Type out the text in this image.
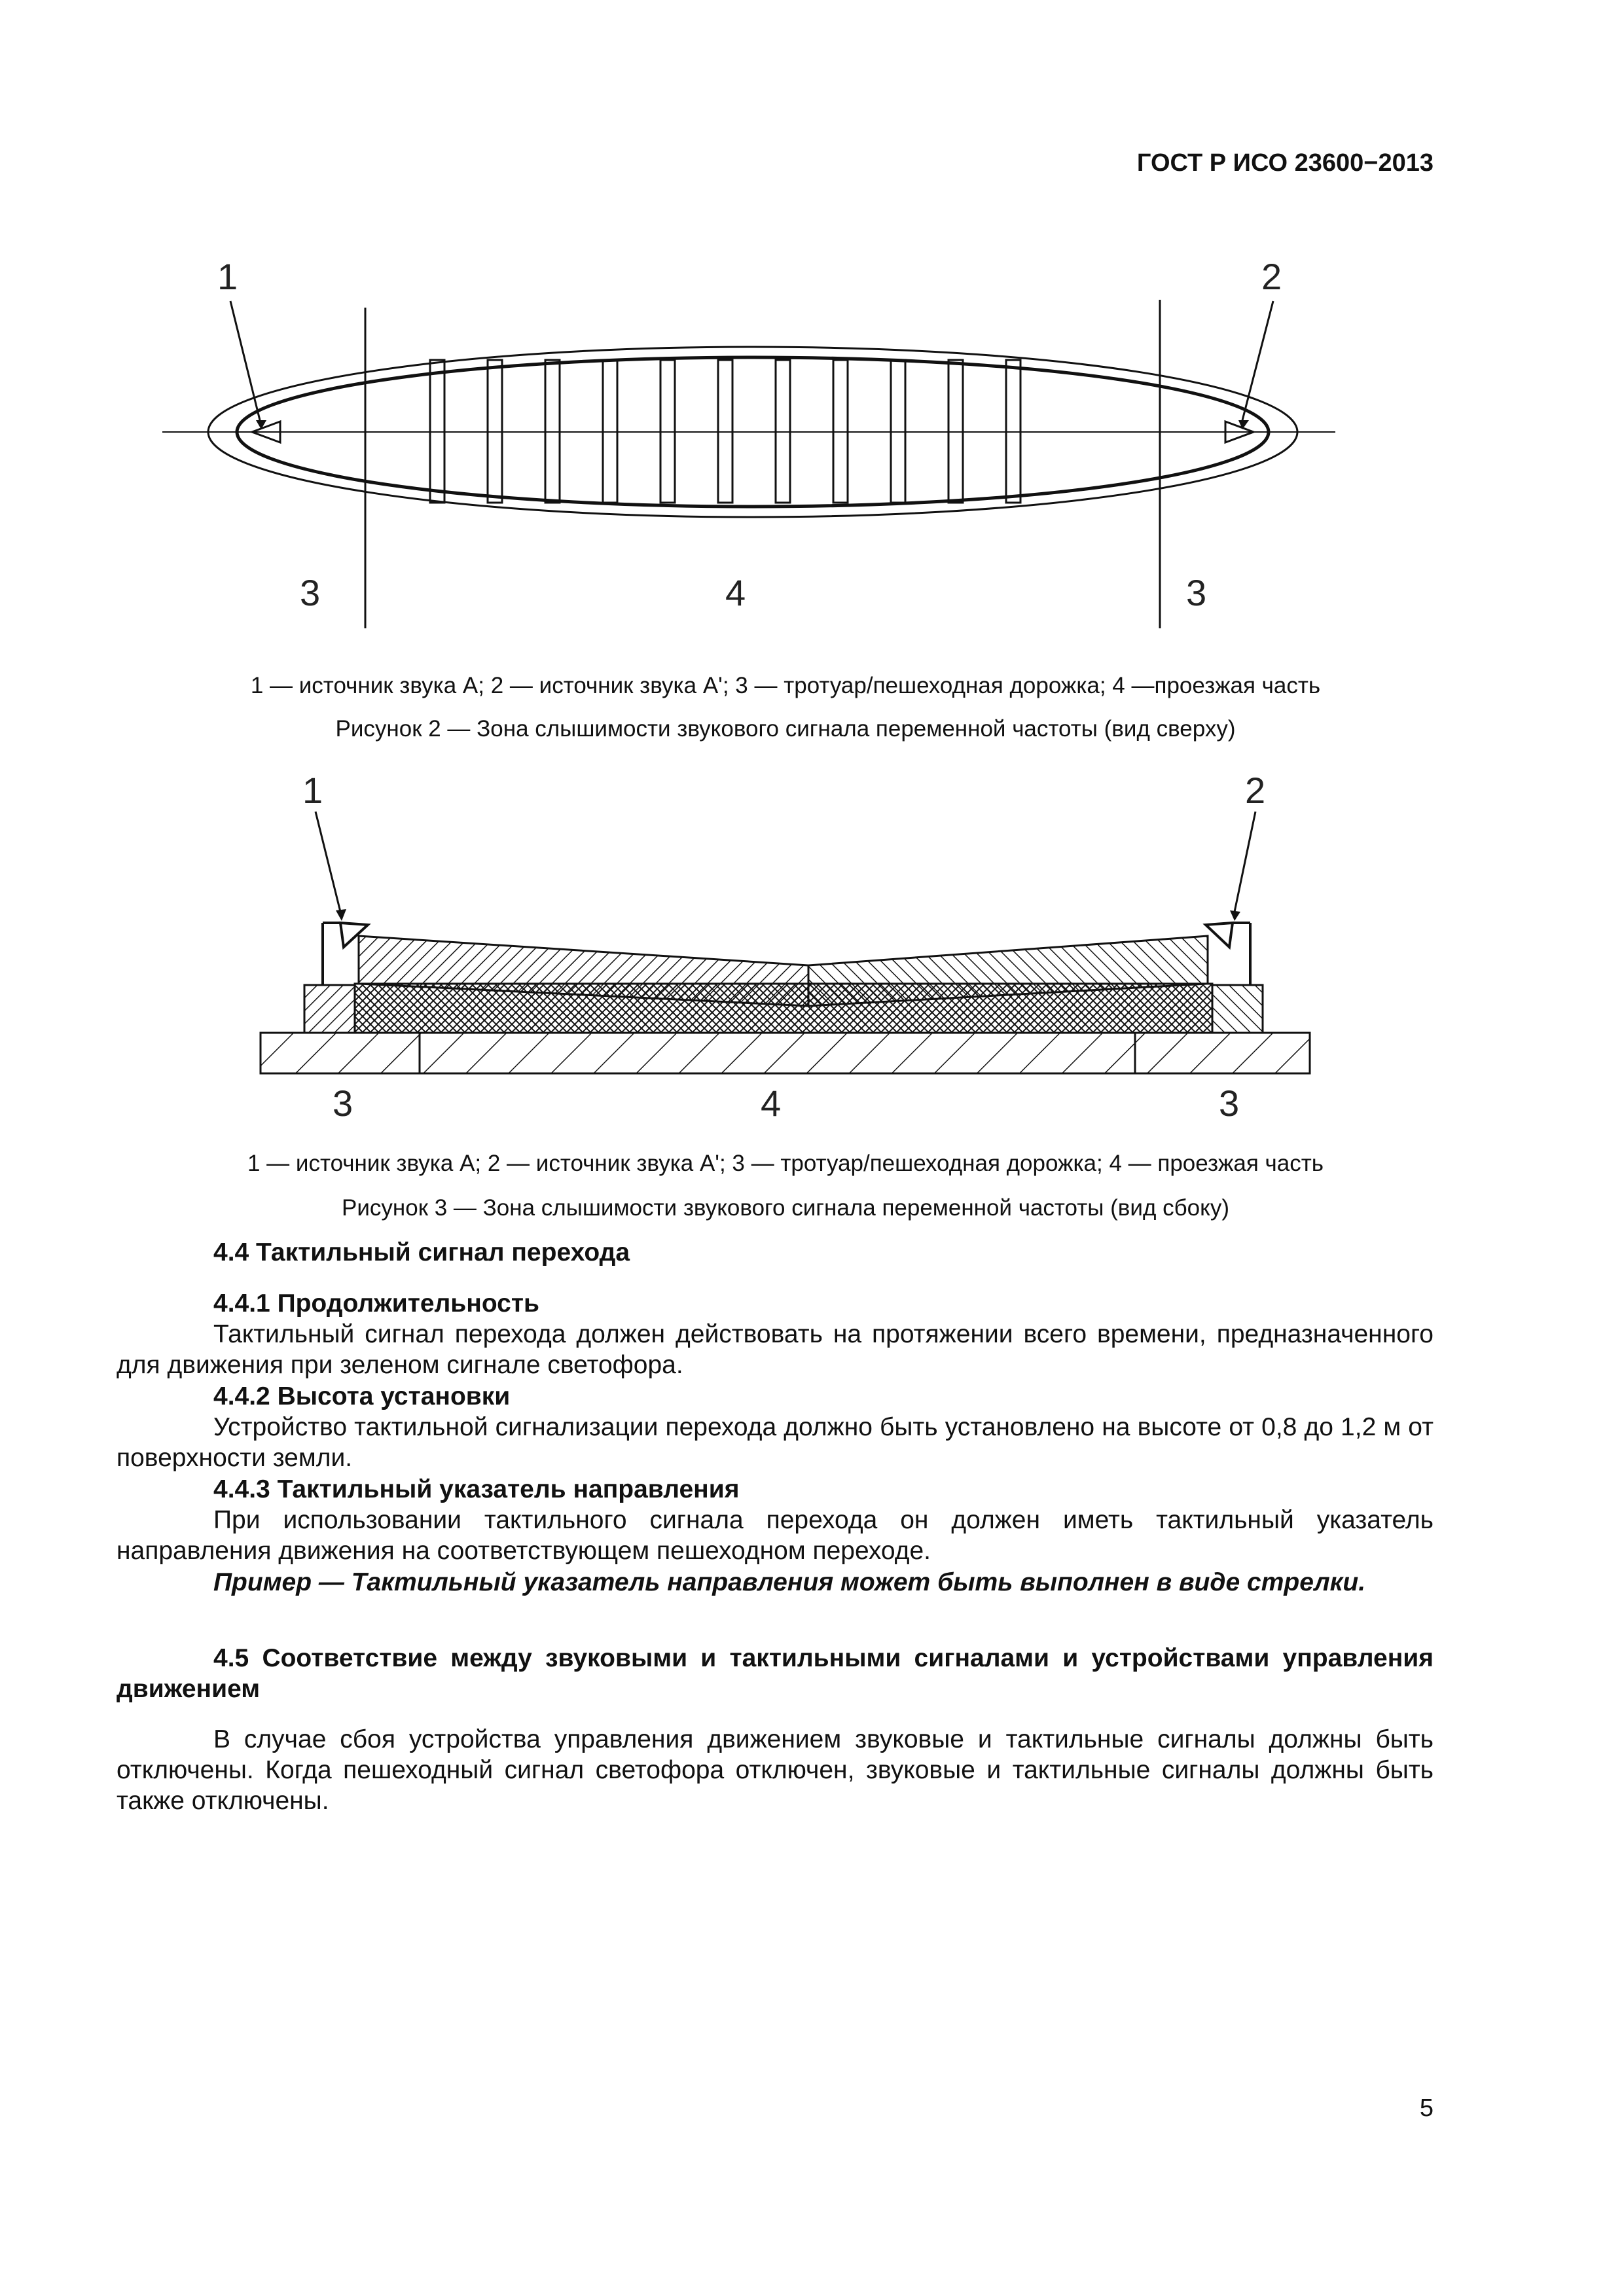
ГОСТ Р ИСО 23600−2013
1	2
3	4	3
1 — источник звука А; 2 — источник звука А'; 3 — тротуар/пешеходная дорожка; 4 —проезжая часть
Рисунок 2 — Зона слышимости звукового сигнала переменной частоты (вид сверху)
1	2
3	4	3
1 — источник звука А; 2 — источник звука А'; 3 — тротуар/пешеходная дорожка; 4 — проезжая часть
Рисунок 3 — Зона слышимости звукового сигнала переменной частоты (вид сбоку)
4.4 Тактильный сигнал перехода
4.4.1 Продолжительность
Тактильный сигнал перехода должен действовать на протяжении всего времени, предназначенного для движения при зеленом сигнале светофора.
4.4.2 Высота установки
Устройство тактильной сигнализации перехода должно быть установлено на высоте от 0,8 до 1,2 м от поверхности земли.
4.4.3 Тактильный указатель направления
При использовании тактильного сигнала перехода он должен иметь тактильный указатель направления движения на соответствующем пешеходном переходе.
Пример — Тактильный указатель направления может быть выполнен в виде стрелки.
4.5 Соответствие между звуковыми и тактильными сигналами и устройствами управления движением
В случае сбоя устройства управления движением звуковые и тактильные сигналы должны быть отключены. Когда пешеходный сигнал светофора отключен, звуковые и тактильные сигналы должны быть также отключены.
5
